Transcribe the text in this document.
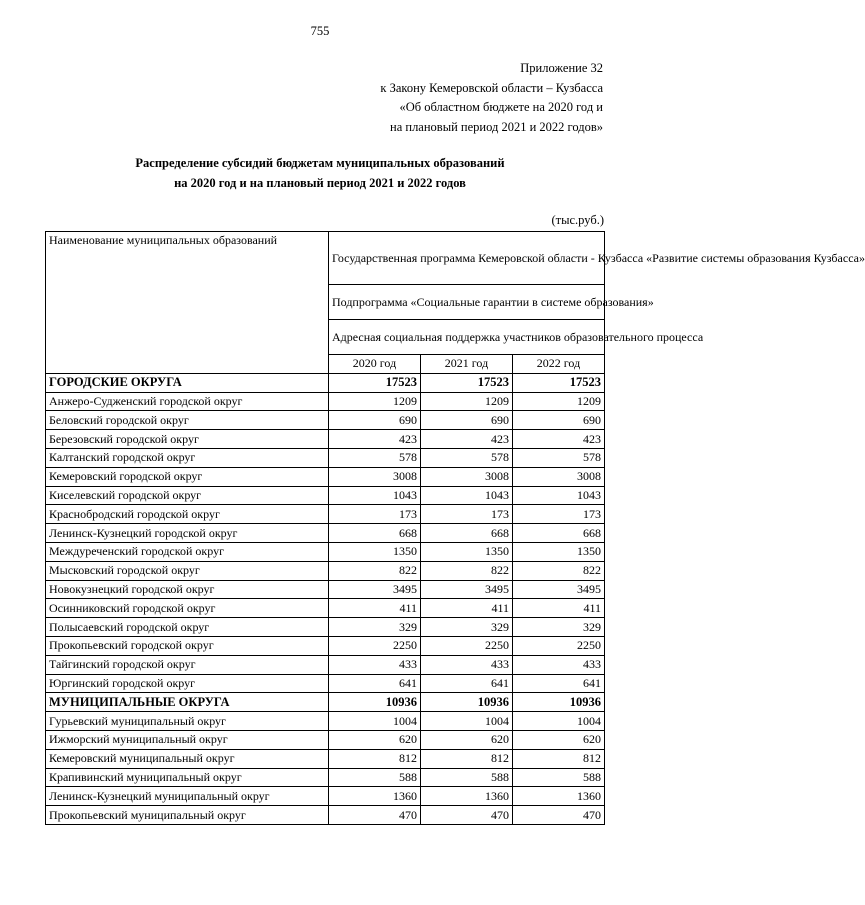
755
Приложение 32
к Закону Кемеровской области – Кузбасса
«Об областном бюджете на 2020 год и
на плановый период 2021 и 2022 годов»
Распределение субсидий бюджетам муниципальных образований
на 2020 год и на плановый период 2021 и 2022 годов
(тыс.руб.)
Наименование муниципальных образований	Государственная программа Кемеровской области - Кузбасса «Развитие системы образования Кузбасса»		
	Подпрограмма «Социальные гарантии в системе образования»		
	Адресная социальная поддержка участников образовательного процесса		
	2020 год	2021 год	2022 год
ГОРОДСКИЕ ОКРУГА	17523	17523	17523
Анжеро-Судженский городской округ	1209	1209	1209
Беловский городской округ	690	690	690
Березовский городской округ	423	423	423
Калтанский городской округ	578	578	578
Кемеровский городской округ	3008	3008	3008
Киселевский городской округ	1043	1043	1043
Краснобродский городской округ	173	173	173
Ленинск-Кузнецкий городской округ	668	668	668
Междуреченский городской округ	1350	1350	1350
Мысковский городской округ	822	822	822
Новокузнецкий городской округ	3495	3495	3495
Осинниковский городской округ	411	411	411
Полысаевский городской округ	329	329	329
Прокопьевский городской округ	2250	2250	2250
Тайгинский городской округ	433	433	433
Юргинский городской округ	641	641	641
МУНИЦИПАЛЬНЫЕ ОКРУГА	10936	10936	10936
Гурьевский муниципальный округ	1004	1004	1004
Ижморский муниципальный округ	620	620	620
Кемеровский муниципальный округ	812	812	812
Крапивинский муниципальный округ	588	588	588
Ленинск-Кузнецкий муниципальный округ	1360	1360	1360
Прокопьевский муниципальный округ	470	470	470
